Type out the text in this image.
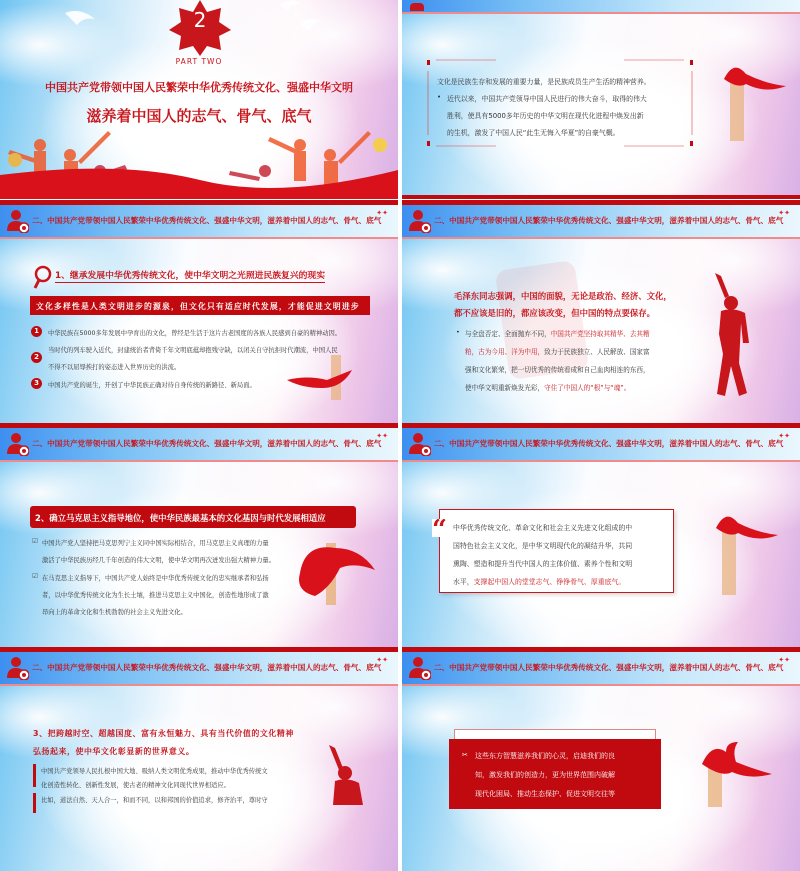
2
PART TWO
中国共产党带领中国人民繁荣中华优秀传统文化、强盛中华文明
滋养着中国人的志气、骨气、底气
文化是民族生存和发展的重要力量，是民族成员生产生活的精神营养。
• 近代以来，中国共产党领导中国人民进行的伟大奋斗，取得的伟大
胜利，使具有5000多年历史的中华文明在现代化进程中焕发出新
的生机，激发了中国人民“此生无悔入华夏”的自豪气概。
二、中国共产党带领中国人民繁荣中华优秀传统文化、强盛中华文明，滋养着中国人的志气、骨气、底气
✦✦
1、继承发展中华优秀传统文化，使中华文明之光照进民族复兴的现实
文化多样性是人类文明进步的源泉，但文化只有适应时代发展，才能促进文明进步
1	中华民族在5000多年发展中孕育出的文化，曾经是生活于这片古老国度的各族人民感到自豪的精神动因。
2
当时代的列车驶入近代，封建统治者背倚千年文明底蕴却抱残守缺，以闭关自守抗拒时代潮流，中国人民
不得不以屈辱挨打的姿态进入世界历史的洪流。
3	中国共产党的诞生，开创了中华民族正确对待自身传统的新路径、新局面。
二、中国共产党带领中国人民繁荣中华优秀传统文化、强盛中华文明，滋养着中国人的志气、骨气、底气
✦✦
毛泽东同志强调，中国的面貌，无论是政治、经济、文化，
都不应该是旧的，都应该改变，但中国的特点要保存。
• 与全盘否定、全面抛弃不同，中国共产党坚持取其精华、去其糟
粕，古为今用、洋为中用，致力于民族独立、人民解放、国家富
强和文化繁荣，把一切优秀的传统看成和自己血肉相连的东西，
使中华文明重新焕发光彩，守住了中国人的“根”与“魂”。
二、中国共产党带领中国人民繁荣中华优秀传统文化、强盛中华文明，滋养着中国人的志气、骨气、底气
✦✦
2、确立马克思主义指导地位，使中华民族最基本的文化基因与时代发展相适应
☑ 中国共产党人坚持把马克思列宁主义同中国实际相结合，用马克思主义真理的力量
激活了中华民族历经几千年创造的伟大文明，使中华文明再次迸发出强大精神力量。
☑ 在马克思主义指导下，中国共产党人始终是中华优秀传统文化的忠实继承者和弘扬
者，以中华优秀传统文化为生长土壤，推进马克思主义中国化，创造性地形成了激
昂向上的革命文化和生机勃勃的社会主义先进文化。
二、中国共产党带领中国人民繁荣中华优秀传统文化、强盛中华文明，滋养着中国人的志气、骨气、底气
✦✦
“ 中华优秀传统文化、革命文化和社会主义先进文化组成的中
国特色社会主义文化，是中华文明现代化的凝结升华，共同
熏陶、塑造和提升当代中国人的主体价值、素养个性和文明
水平，支撑起中国人的堂堂志气、铮铮骨气、厚重底气。
二、中国共产党带领中国人民繁荣中华优秀传统文化、强盛中华文明，滋养着中国人的志气、骨气、底气
✦✦
3、把跨越时空、超越国度、富有永恒魅力、具有当代价值的文化精神
弘扬起来，使中华文化彰显新的世界意义。
中国共产党领导人民扎根中国大地、吸纳人类文明优秀成果，推动中华优秀传统文
化创造性转化、创新性发展，使古老的精神文化同现代世界相适应。
比如，道法自然、天人合一，和而不同，以和邦国的价值追求，修齐治平，尊时守
二、中国共产党带领中国人民繁荣中华优秀传统文化、强盛中华文明，滋养着中国人的志气、骨气、底气
✦✦
✂ 这些东方智慧滋养我们的心灵，启迪我们的良
知，激发我们的创造力，更为世界范围内破解
现代化困局、推动生态保护、促进文明交往等
